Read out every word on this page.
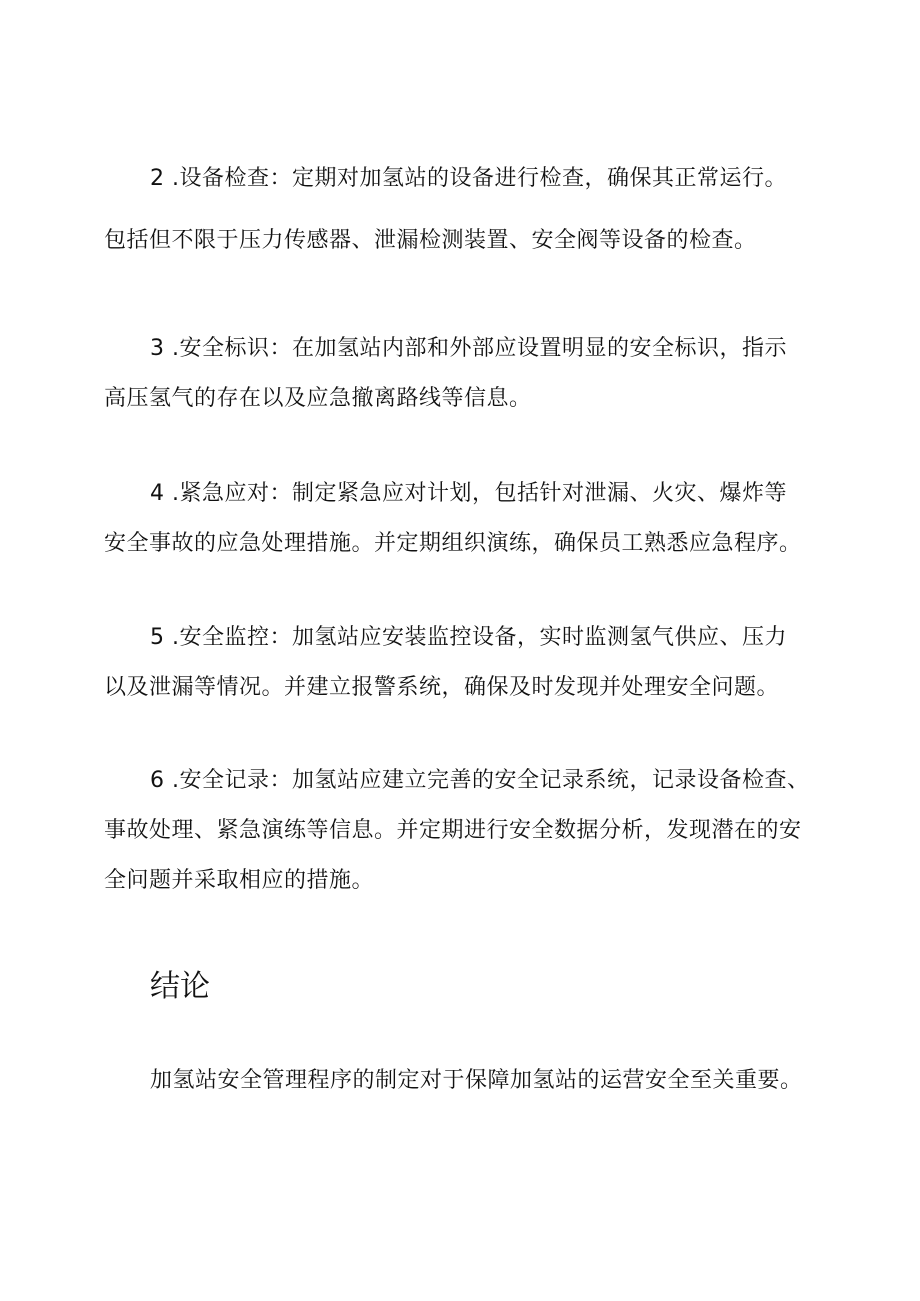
2 .设备检查：定期对加氢站的设备进行检查，确保其正常运行。
包括但不限于压力传感器、泄漏检测装置、安全阀等设备的检查。
3 .安全标识：在加氢站内部和外部应设置明显的安全标识，指示
高压氢气的存在以及应急撤离路线等信息。
4 .紧急应对：制定紧急应对计划，包括针对泄漏、火灾、爆炸等
安全事故的应急处理措施。并定期组织演练，确保员工熟悉应急程序。
5 .安全监控：加氢站应安装监控设备，实时监测氢气供应、压力
以及泄漏等情况。并建立报警系统，确保及时发现并处理安全问题。
6 .安全记录：加氢站应建立完善的安全记录系统，记录设备检查、
事故处理、紧急演练等信息。并定期进行安全数据分析，发现潜在的安
全问题并采取相应的措施。
结论
加氢站安全管理程序的制定对于保障加氢站的运营安全至关重要。
